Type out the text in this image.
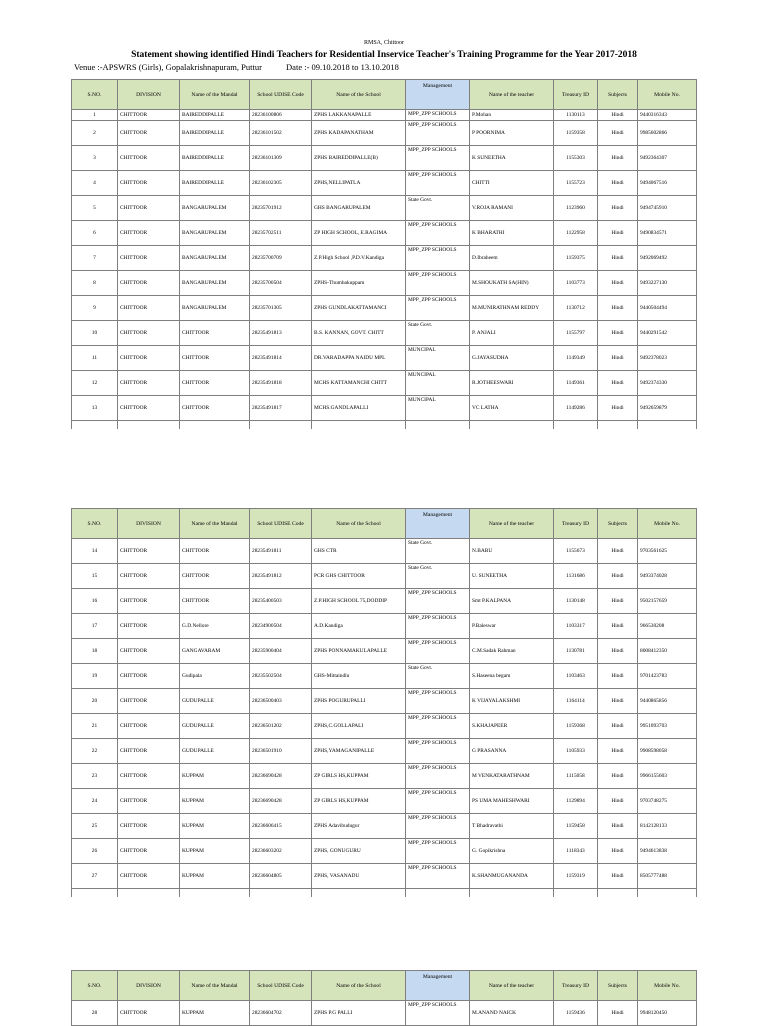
RMSA, Chittoor
Statement showing identified Hindi Teachers for Residential Inservice Teacher's Training Programme for the Year 2017-2018
Venue :-APSWRS (Girls), Gopalakrishnapuram, Puttur	Date :- 09.10.2018 to 13.10.2018
S.NO.	DIVISION	Name of the Mandal	School UDISE Code	Name of the School	Management	Name of the teacher	Treasury ID	Subjects	Mobile No.
1	CHITTOOR	BAIREDDIPALLE	28236100806	ZPHS LAKKANAPALLE	MPP_ZPP SCHOOLS	P.Mohan	1130113	Hindi	9440316343
2	CHITTOOR	BAIREDDIPALLE	28236101502	ZPHS KADAPANATHAM	MPP_ZPP SCHOOLS	P POORNIMA	1159358	Hindi	9985602866
3	CHITTOOR	BAIREDDIPALLE	28236101309	ZPHS BAIREDDIPALLE(B)	MPP_ZPP SCHOOLS	K SUNEETHA	1155303	Hindi	9492364307
4	CHITTOOR	BAIREDDIPALLE	28236102305	ZPHS,NELLIPATLA	MPP_ZPP SCHOOLS	CHITTI	1155723	Hindi	9494067516
5	CHITTOOR	BANGARUPALEM	28235701912	GHS BANGARUPALEM	State Govt.	V.ROJA RAMANI	1123960	Hindi	9494745910
6	CHITTOOR	BANGARUPALEM	28235702511	ZP HIGH SCHOOL, E.RAGIMA	MPP_ZPP SCHOOLS	K BHARATHI	1122958	Hindi	9490834571
7	CHITTOOR	BANGARUPALEM	28235700709	Z.P.High School ,P.D.V.Kandiga	MPP_ZPP SCHOOLS	D.Ibraheem	1159375	Hindi	9492069492
8	CHITTOOR	BANGARUPALEM	28235700504	ZPHS-Thumbakuppam	MPP_ZPP SCHOOLS	M.SHOUKATH SA(HIN)	1103773	Hindi	9493227130
9	CHITTOOR	BANGARUPALEM	28235701305	ZPHS GUNDLAKATTAMANCI	MPP_ZPP SCHOOLS	M.MUNIRATHNAM REDDY	1130712	Hindi	9440504494
10	CHITTOOR	CHITTOOR	28235491813	B.S. KANNAN, GOVT. CHITT	State Govt.	P. ANJALI	1155797	Hindi	9440291542
11	CHITTOOR	CHITTOOR	28235491814	DR.VARADAPPA NAIDU MPL	MUNCIPAL	G.JAYASUDHA	1149349	Hindi	9492378023
12	CHITTOOR	CHITTOOR	28235491818	MCHS KATTAMANCHI CHITT	MUNCIPAL	R.JOTHEESWARI	1149361	Hindi	9492374330
13	CHITTOOR	CHITTOOR	28235491817	MCHS.GANDLAPALLI	MUNCIPAL	VC LATHA	1149286	Hindi	9492659879

S.NO.	DIVISION	Name of the Mandal	School UDISE Code	Name of the School	Management	Name of the teacher	Treasury ID	Subjects	Mobile No.
14	CHITTOOR	CHITTOOR	28235491811	GHS CTR	State Govt.	N.BABU	1155673	Hindi	9703561625
15	CHITTOOR	CHITTOOR	28235491812	PCR GHS CHITTOOR	State Govt.	U. SUNEETHA	1131686	Hindi	9493374028
16	CHITTOOR	CHITTOOR	28235400503	Z.P.HIGH SCHOOL 75,DODDIP	MPP_ZPP SCHOOLS	Smt P.KALPANA	1130148	Hindi	9502157659
17	CHITTOOR	G.D.Nellore	28234900504	A.D.Kandiga	MPP_ZPP SCHOOLS	P.Baleswar	1103317	Hindi	966530208
18	CHITTOOR	GANGAVARAM	28235900404	ZPHS PONNAMAKULAPALLE	MPP_ZPP SCHOOLS	C.M.Sadak Rahman	1130781	Hindi	8008412350
19	CHITTOOR	Gudipala	28235502504	GHS-Mittaindlu	State Govt.	S.Haseena begam	1103463	Hindi	9701423783
20	CHITTOOR	GUDUPALLE	28236500403	ZPHS POGURUPALLI	MPP_ZPP SCHOOLS	K VIJAYALAKSHMI	1164114	Hindi	9440865856
21	CHITTOOR	GUDUPALLE	28236501202	ZPHS,C.GOLLAPALI	MPP_ZPP SCHOOLS	S.KHAJAPEER	1159368	Hindi	9951093703
22	CHITTOOR	GUDUPALLE	28236501910	ZPHS,YAMAGANIPALLE	MPP_ZPP SCHOOLS	G PRASANNA	1105933	Hindi	9908598058
23	CHITTOOR	KUPPAM	28236690428	ZP GIRLS HS,KUPPAM	MPP_ZPP SCHOOLS	M VENKATARATHNAM	1115058	Hindi	9966155603
24	CHITTOOR	KUPPAM	28236690428	ZP GIRLS HS,KUPPAM	MPP_ZPP SCHOOLS	PS UMA MAHESHWARI	1129894	Hindi	9703748275
25	CHITTOOR	KUPPAM	28236606415	ZPHS Adavibudugur	MPP_ZPP SCHOOLS	T Bhadravathi	1159458	Hindi	8142128133
26	CHITTOOR	KUPPAM	28236603202	ZPHS, GONUGURU	MPP_ZPP SCHOOLS	G. Gopikrishna	1118343	Hindi	9494613838
27	CHITTOOR	KUPPAM	28236604805	ZPHS, VASANADU	MPP_ZPP SCHOOLS	K.SHANMUGANANDA	1159319	Hindi	8505777488

S.NO.	DIVISION	Name of the Mandal	School UDISE Code	Name of the School	Management	Name of the teacher	Treasury ID	Subjects	Mobile No.
28	CHITTOOR	KUPPAM	28236604702	ZPHS P.G PALLI	MPP_ZPP SCHOOLS	M.ANAND NAICK	1159436	Hindi	9948120450
